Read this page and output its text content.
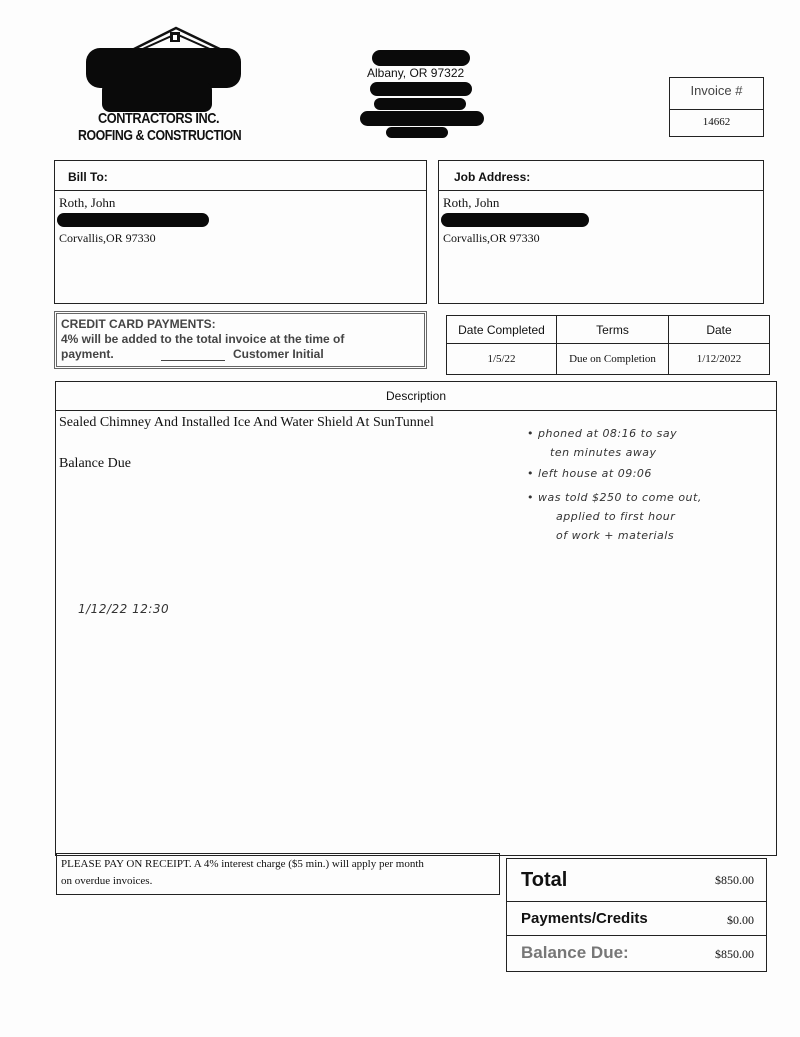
CONTRACTORS INC.
ROOFING & CONSTRUCTION
Albany, OR 97322
Invoice #
14662
Bill To:
Roth, John
Corvallis,OR 97330
Job Address:
Roth, John
Corvallis,OR 97330
CREDIT CARD PAYMENTS:
4% will be added to the total invoice at the time of
payment.	Customer Initial
Date Completed	Terms	Date
1/5/22	Due on Completion	1/12/2022
Description
Sealed Chimney And Installed Ice And Water Shield At SunTunnel
Balance Due
• phoned at 08:16 to say
ten minutes away
• left house at 09:06
• was told $250 to come out,
applied to first hour
of work + materials
1/12/22 12:30
PLEASE PAY ON RECEIPT. A 4% interest charge ($5 min.) will apply per month
on overdue invoices.	Total	$850.00
Payments/Credits	$0.00
Balance Due:	$850.00
